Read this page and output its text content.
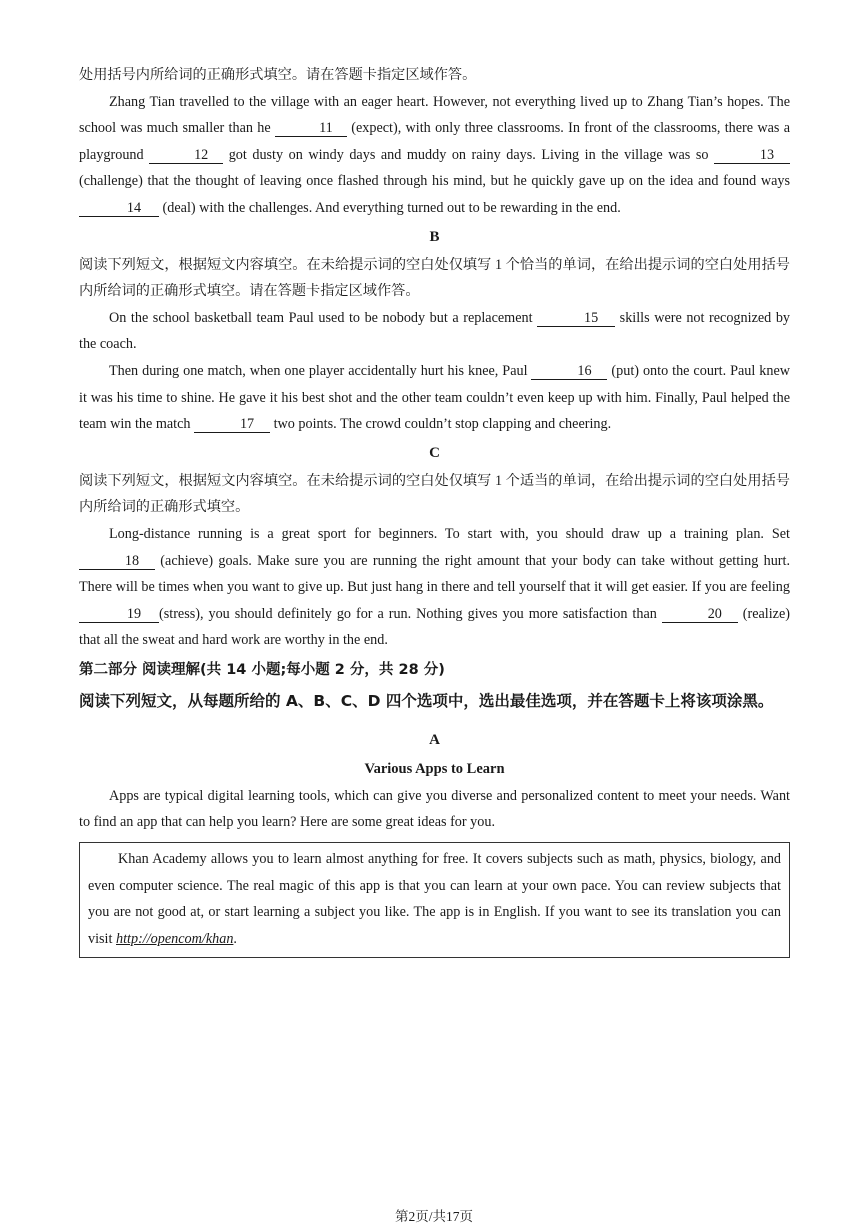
处用括号内所给词的正确形式填空。请在答题卡指定区域作答。

Zhang Tian travelled to the village with an eager heart. However, not everything lived up to Zhang Tian’s hopes. The school was much smaller than he	11 (expect), with only three classrooms. In front of the classrooms, there was a playground	12 got dusty on windy days and muddy on rainy days. Living in the village was so	13 (challenge) that the thought of leaving once flashed through his mind, but he quickly gave up on the idea and found ways 14 (deal) with the challenges. And everything turned out to be rewarding in the end.

B

阅读下列短文，根据短文内容填空。在未给提示词的空白处仅填写 1 个恰当的单词，在给出提示词的空白处用括号内所给词的正确形式填空。请在答题卡指定区域作答。

On the school basketball team Paul used to be nobody but a replacement	15 skills were not recognized by the coach.

Then during one match, when one player accidentally hurt his knee, Paul	16 (put) onto the court. Paul knew it was his time to shine. He gave it his best shot and the other team couldn’t even keep up with him. Finally, Paul helped the team win the match	17 two points. The crowd couldn’t stop clapping and cheering.

C

阅读下列短文，根据短文内容填空。在未给提示词的空白处仅填写 1 个适当的单词，在给出提示词的空白处用括号内所给词的正确形式填空。

Long-distance running is a great sport for beginners. To start with, you should draw up a training plan. Set 18 (achieve) goals. Make sure you are running the right amount that your body can take without getting hurt. There will be times when you want to give up. But just hang in there and tell yourself that it will get easier. If you are feeling 19 (stress), you should definitely go for a run. Nothing gives you more satisfaction than	20 (realize) that all the sweat and hard work are worthy in the end.

第二部分 阅读理解(共 14 小题;每小题 2 分，共 28 分)
阅读下列短文，从每题所给的 A、B、C、D 四个选项中，选出最佳选项，并在答题卡上将该项涂黑。
A
Various Apps to Learn

Apps are typical digital learning tools, which can give you diverse and personalized content to meet your needs. Want to find an app that can help you learn? Here are some great ideas for you.

Khan Academy allows you to learn almost anything for free. It covers subjects such as math, physics, biology, and even computer science. The real magic of this app is that you can learn at your own pace. You can review subjects that you are not good at, or start learning a subject you like. The app is in English. If you want to see its translation you can visit http://opencom/khan.

第2页/共17页
